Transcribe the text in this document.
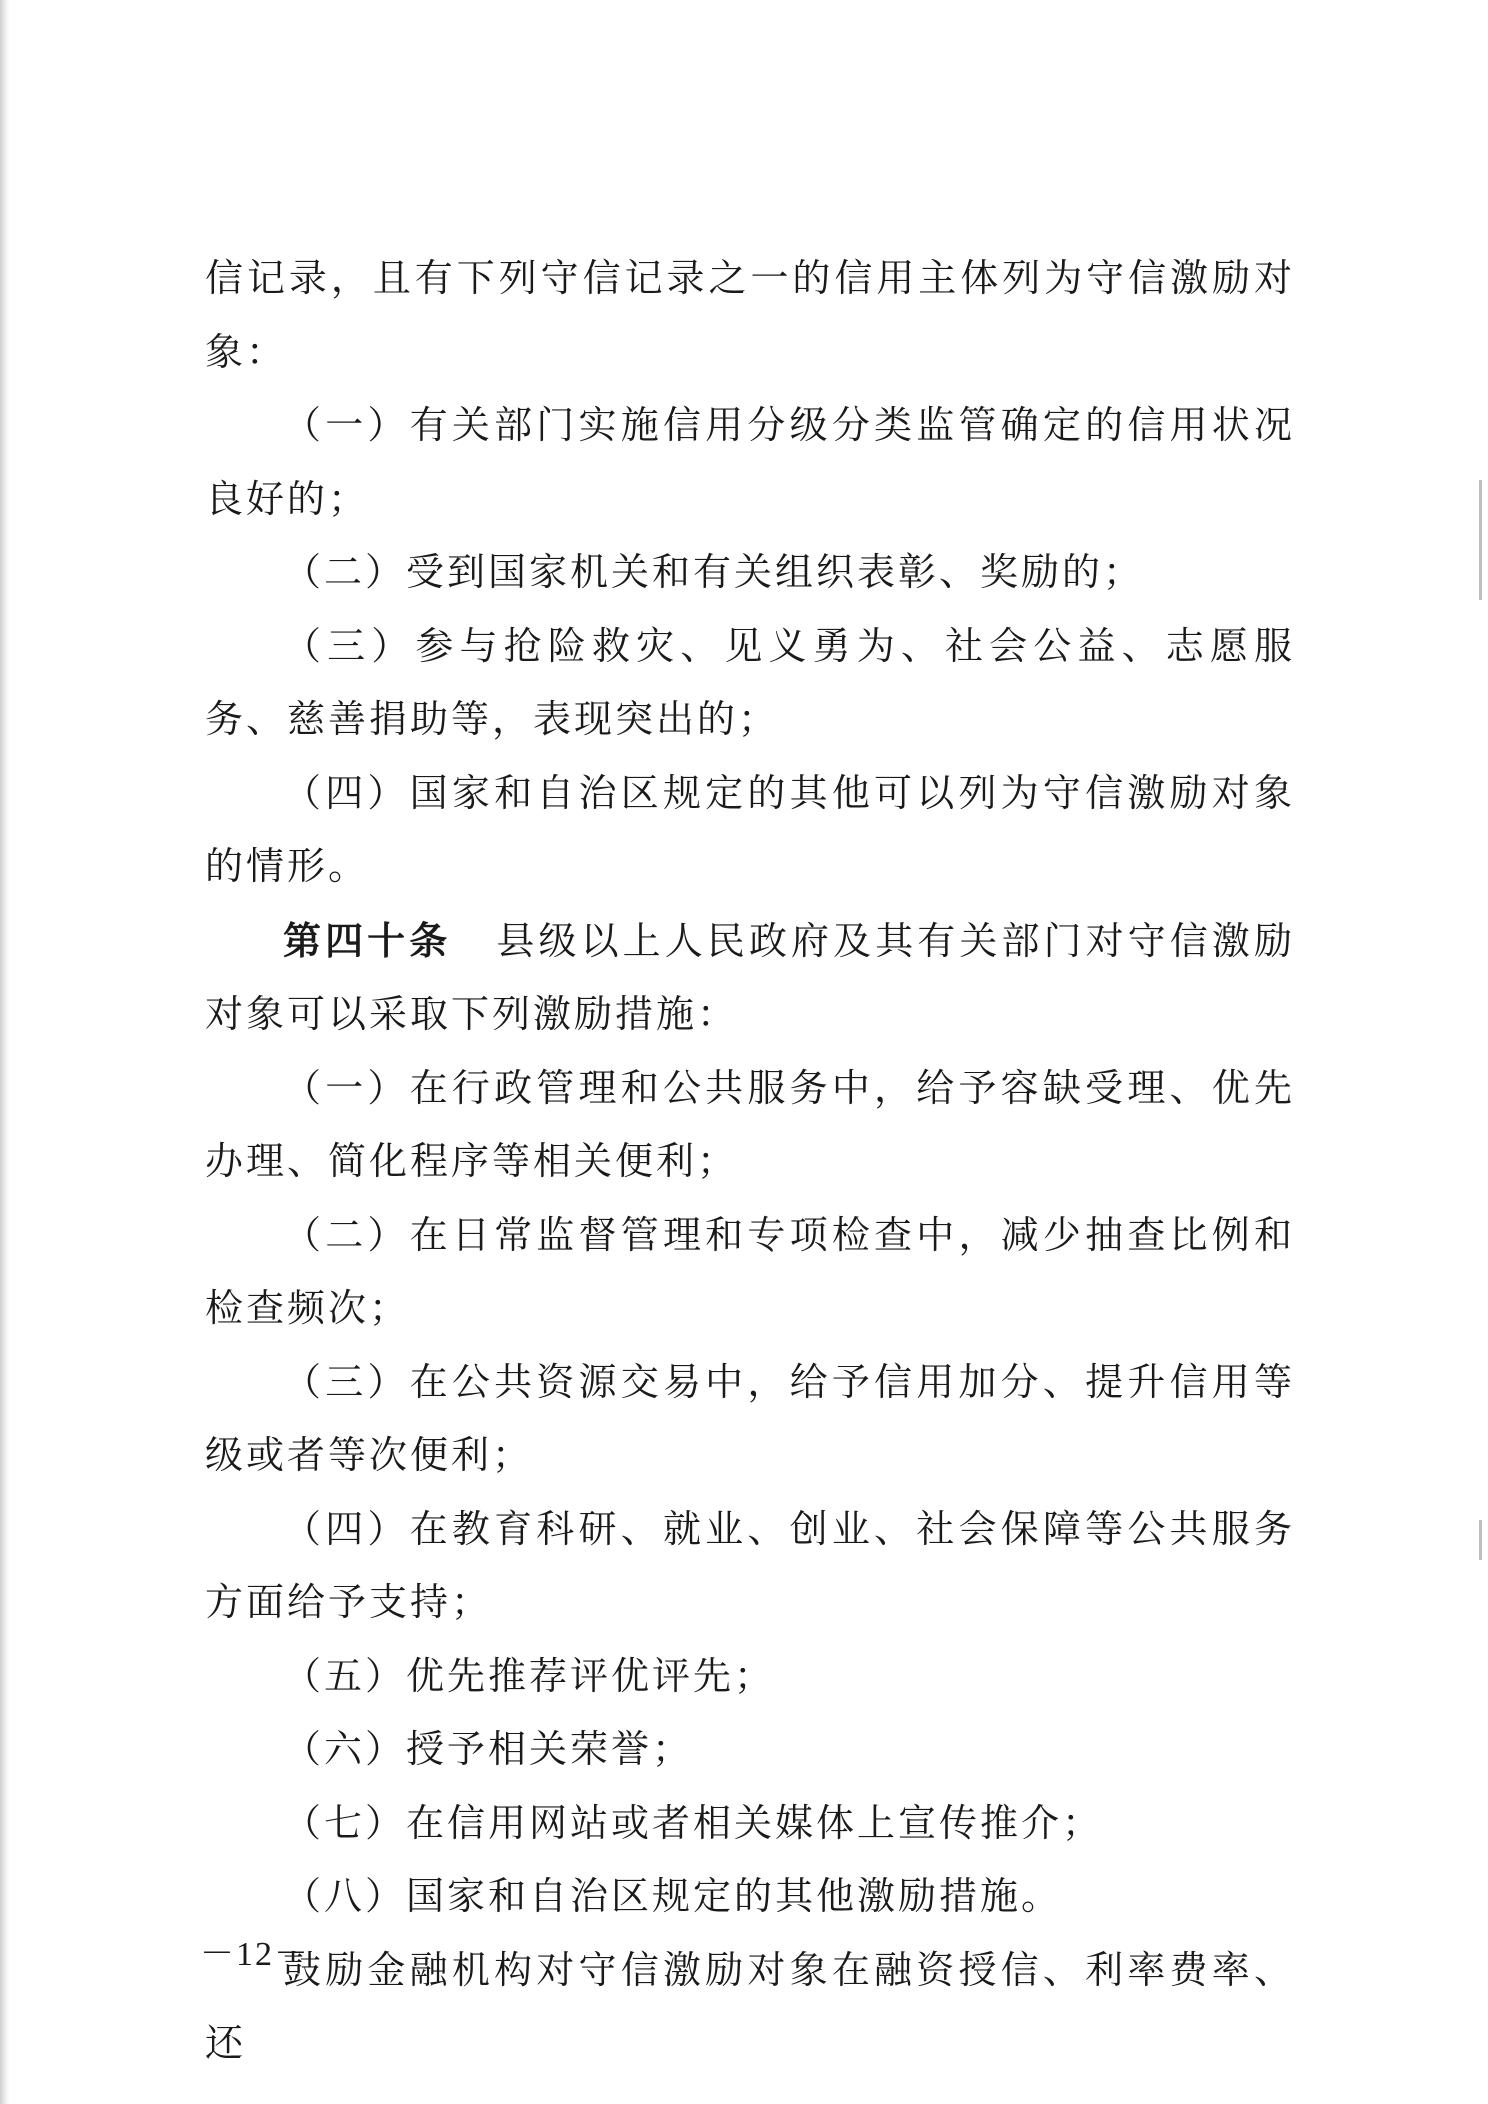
信记录，且有下列守信记录之一的信用主体列为守信激励对象：

（一）有关部门实施信用分级分类监管确定的信用状况良好的；

（二）受到国家机关和有关组织表彰、奖励的；

（三）参与抢险救灾、见义勇为、社会公益、志愿服务、慈善捐助等，表现突出的；

（四）国家和自治区规定的其他可以列为守信激励对象的情形。

第四十条 县级以上人民政府及其有关部门对守信激励对象可以采取下列激励措施：

（一）在行政管理和公共服务中，给予容缺受理、优先办理、简化程序等相关便利；

（二）在日常监督管理和专项检查中，减少抽查比例和检查频次；

（三）在公共资源交易中，给予信用加分、提升信用等级或者等次便利；

（四）在教育科研、就业、创业、社会保障等公共服务方面给予支持；

（五）优先推荐评优评先；

（六）授予相关荣誉；

（七）在信用网站或者相关媒体上宣传推介；

（八）国家和自治区规定的其他激励措施。

鼓励金融机构对守信激励对象在融资授信、利率费率、还

－12－
